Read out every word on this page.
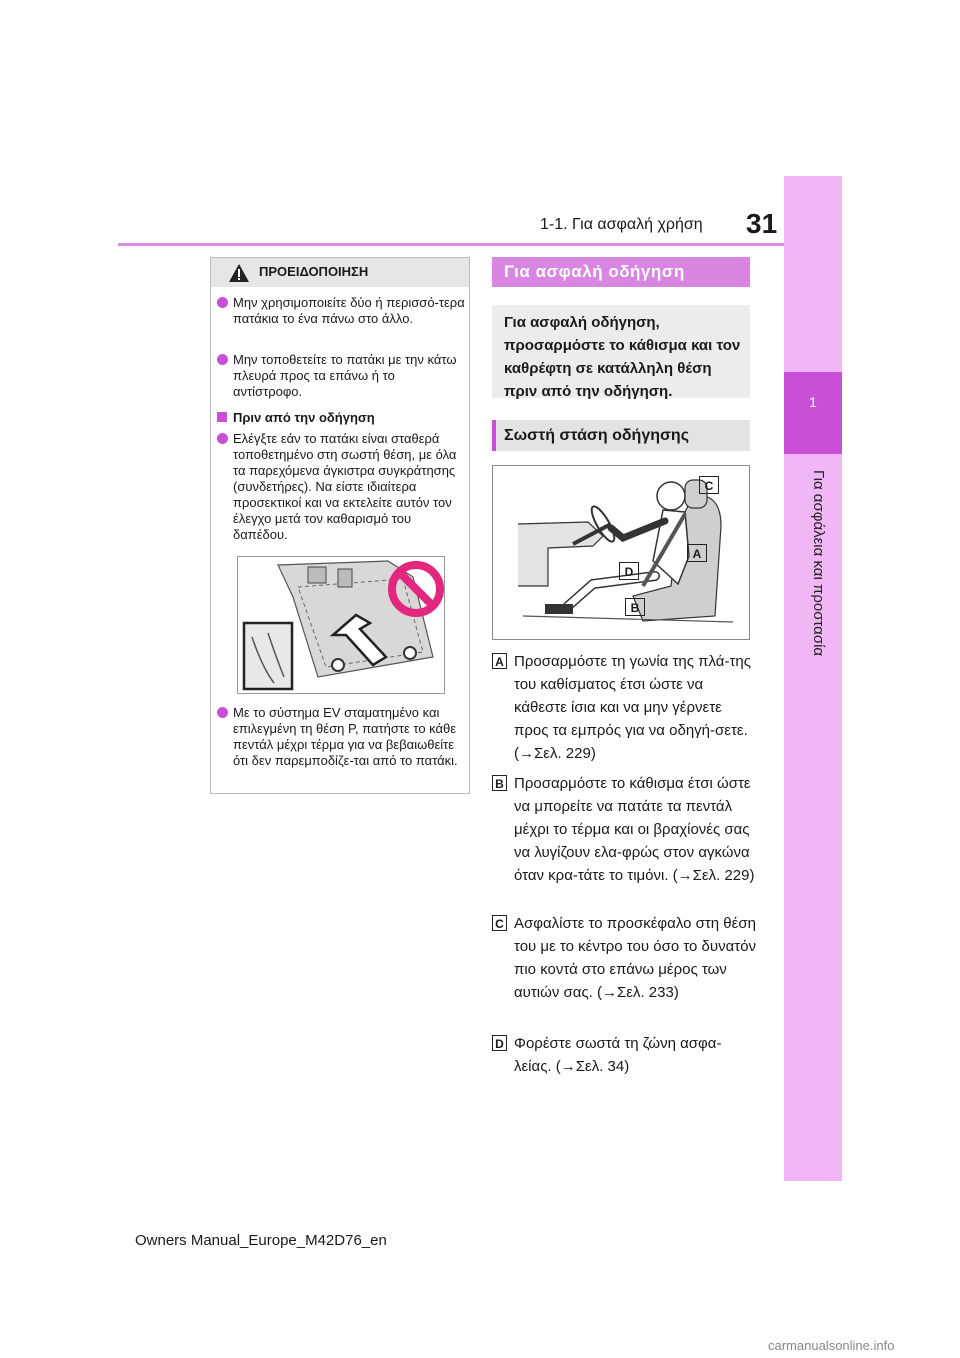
1-1. Για ασφαλή χρήση 31
1
Για ασφάλεια και προστασία
ΠΡΟΕΙΔΟΠΟΙΗΣΗ
Μην χρησιμοποιείτε δύο ή περισσό-τερα πατάκια το ένα πάνω στο άλλο.
Μην τοποθετείτε το πατάκι με την κάτω πλευρά προς τα επάνω ή το αντίστροφο.
Πριν από την οδήγηση
Ελέγξτε εάν το πατάκι είναι σταθερά τοποθετημένο στη σωστή θέση, με όλα τα παρεχόμενα άγκιστρα συγκράτησης (συνδετήρες). Να είστε ιδιαίτερα προσεκτικοί και να εκτελείτε αυτόν τον έλεγχο μετά τον καθαρισμό του δαπέδου.
Με το σύστημα EV σταματημένο και επιλεγμένη τη θέση P, πατήστε το κάθε πεντάλ μέχρι τέρμα για να βεβαιωθείτε ότι δεν παρεμποδίζε-ται από το πατάκι.
Για ασφαλή οδήγηση
Για ασφαλή οδήγηση, προσαρμόστε το κάθισμα και τον καθρέφτη σε κατάλληλη θέση πριν από την οδήγηση.
Σωστή στάση οδήγησης
C
A
D
B
A Προσαρμόστε τη γωνία της πλά-της του καθίσματος έτσι ώστε να κάθεστε ίσια και να μην γέρνετε προς τα εμπρός για να οδηγή-σετε. (→Σελ. 229)
B Προσαρμόστε το κάθισμα έτσι ώστε να μπορείτε να πατάτε τα πεντάλ μέχρι το τέρμα και οι βραχίονές σας να λυγίζουν ελα-φρώς στον αγκώνα όταν κρα-τάτε το τιμόνι. (→Σελ. 229)
C Ασφαλίστε το προσκέφαλο στη θέση του με το κέντρο του όσο το δυνατόν πιο κοντά στο επάνω μέρος των αυτιών σας. (→Σελ. 233)
D Φορέστε σωστά τη ζώνη ασφα-λείας. (→Σελ. 34)
Owners Manual_Europe_M42D76_en
carmanualsonline.info
